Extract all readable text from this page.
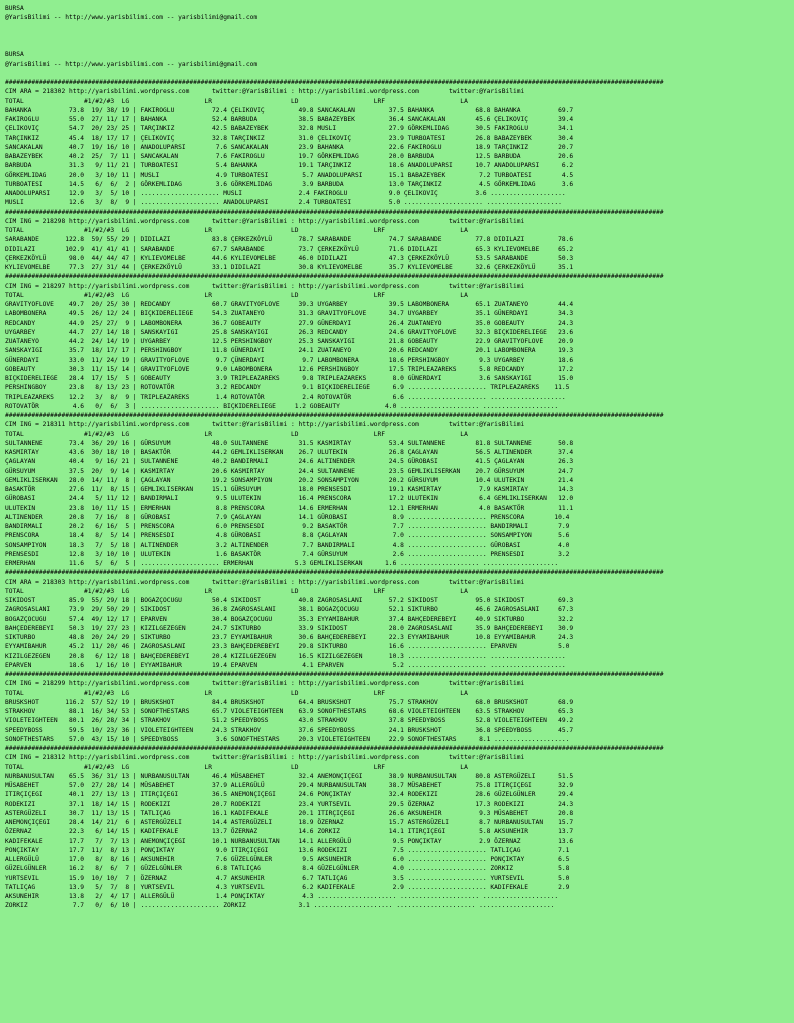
BURSA
@YarisBilimi -- http://www.yarisbilimi.com -- yarisbilimi@gmail.com
BURSA
@YarisBilimi -- http://www.yarisbilimi.com -- yarisbilimi@gmail.com
###############################################################################################################################################################################
CIM ARA = 218302 http://yarisbilimi.wordpress.com      twitter:@YarisBilimi : http://yarisbilimi.wordpress.com        twitter:@YarisBilimi
TOTAL                #1/#2/#3  LG                    LR                     LD                    LRF                    LA
BAHANKA          73.8  19/ 38/ 19 | FAKIROGLU          72.4 ÇELIKOVIÇ         49.8 SANCAKALAN         37.5 BAHANKA           68.8 BAHANKA          69.7
FAKIROGLU        55.0  27/ 11/ 17 | BAHANKA            52.4 BARBUDA           38.5 BABAZEYBEK         36.4 SANCAKALAN        45.6 ÇELIKOVIÇ        39.4
ÇELIKOVIÇ        54.7  20/ 23/ 25 | TARÇINKIZ          42.5 BABAZEYBEK        32.8 MUSLI              27.9 GÖRKEMLIDAG       30.5 FAKIROGLU        34.1
TARÇINKIZ        45.4  18/ 17/ 17 | ÇELIKOVIÇ          32.8 TARÇINKIZ         31.0 ÇELIKOVIÇ          23.9 TURBOATESI        26.8 BABAZEYBEK       30.4
SANCAKALAN       40.7  19/ 16/ 10 | ANADOLUPARSI        7.6 SANCAKALAN        23.9 BAHANKA            22.6 FAKIROGLU         18.9 TARÇINKIZ        20.7
BABAZEYBEK       40.2  25/  7/ 11 | SANCAKALAN          7.6 FAKIROGLU         19.7 GÖRKEMLIDAG        20.0 BARBUDA           12.5 BARBUDA          20.6
BARBUDA          31.3   9/ 11/ 21 | TURBOATESI          5.4 BAHANKA           19.1 TARÇINKIZ          18.6 ANADOLUPARSI      10.7 ANADOLUPARSI      6.2
GÖRKEMLIDAG      20.0   3/ 10/ 11 | MUSLI               4.9 TURBOATESI         5.7 ANADOLUPARSI       15.1 BABAZEYBEK         7.2 TURBOATESI        4.5
TURBOATESI       14.5   6/  6/  2 | GÖRKEMLIDAG         3.6 GÖRKEMLIDAG        3.9 BARBUDA            13.0 TARÇINKIZ          4.5 GÖRKEMLIDAG       3.6
ANADOLUPARSI     12.9   3/  5/ 10 | ..................... MUSLI               2.4 FAKIROGLU           9.0 ÇELIKOVIÇ          3.6 ....................
MUSLI            12.6   3/  8/  9 | ..................... ANADOLUPARSI        2.4 TURBOATESI          5.0 ..................... ....................
###############################################################################################################################################################################
CIM ING = 218298 http://yarisbilimi.wordpress.com      twitter:@YarisBilimi : http://yarisbilimi.wordpress.com        twitter:@YarisBilimi
TOTAL                #1/#2/#3  LG                    LR                     LD                    LRF                    LA
SARABANDE       122.8  59/ 55/ 29 | DIDILAZI           83.8 ÇERKEZKÖYLÜ       78.7 SARABANDE          74.7 SARABANDE         77.8 DIDILAZI         78.6
DIDILAZI        102.9  41/ 41/ 41 | SARABANDE          67.7 SARABANDE         73.7 ÇERKEZKÖYLÜ        71.6 DIDILAZI          65.3 KYLIEVOMELBE     65.2
ÇERKEZKÖYLÜ      98.0  44/ 44/ 47 | KYLIEVOMELBE       44.6 KYLIEVOMELBE      46.0 DIDILAZI           47.3 ÇERKEZKÖYLÜ       53.5 SARABANDE        50.3
KYLIEVOMELBE     77.3  27/ 31/ 44 | ÇERKEZKÖYLÜ        33.1 DIDILAZI          30.8 KYLIEVOMELBE       35.7 KYLIEVOMELBE      32.6 ÇERKEZKÖYLÜ      35.1
###############################################################################################################################################################################
CIM ING = 218297 http://yarisbilimi.wordpress.com      twitter:@YarisBilimi : http://yarisbilimi.wordpress.com        twitter:@YarisBilimi
TOTAL                #1/#2/#3  LG                    LR                     LD                    LRF                    LA
GRAVITYOFLOVE    49.7  20/ 25/ 30 | REDCANDY           60.7 GRAVITYOFLOVE     39.3 UYGARBEY           39.5 LABOMBONERA       65.1 ZUATANEYO        44.4
LABOMBONERA      49.5  26/ 12/ 24 | BIÇKIDERELIEGE     54.3 ZUATANEYO         31.3 GRAVITYOFLOVE      34.7 UYGARBEY          35.1 GÜNERDAYI        34.3
REDCANDY         44.9  25/ 27/  9 | LABOMBONERA        36.7 GOBEAUTY          27.9 GÜNERDAYI          26.4 ZUATANEYO         35.0 GOBEAUTY         24.3
UYGARBEY         44.7  27/ 14/ 18 | SANSKAYIGI         25.8 SANSKAYIGI        26.3 REDCANDY           24.6 GRAVITYOFLOVE     32.3 BIÇKIDERELIEGE   23.6
ZUATANEYO        44.2  24/ 14/ 19 | UYGARBEY           12.5 PERSHINGBOY       25.3 SANSKAYIGI         21.8 GOBEAUTY          22.9 GRAVITYOFLOVE    20.9
SANSKAYIGI       35.7  18/ 17/ 17 | PERSHINGBOY        11.8 GÜNERDAYI         24.1 ZUATANEYO          20.6 REDCANDY          20.1 LABOMBONERA      19.3
GÜNERDAYI        33.0  11/ 24/ 19 | GRAVITYOFLOVE       9.7 ÇÜNERDAYI          9.7 LABOMBONERA        18.6 PERSHINGBOY        9.3 UYGARBEY         18.6
GOBEAUTY         30.3  11/ 15/ 14 | GRAVITYOFLOVE       9.0 LABOMBONERA       12.6 PERSHINGBOY        17.5 TRIPLEAZAREKS      5.8 REDCANDY         17.2
BIÇKIDERELIEGE   28.4  17/ 15/  5 | GOBEAUTY            3.9 TRIPLEAZAREKS      9.8 TRIPLEAZAREKS       8.0 GÜNERDAYI          3.6 SANSKAYIGI       15.0
PERSHINGBOY      23.8   8/ 13/ 23 | ROTOVATÖR           3.2 REDCANDY           9.1 BIÇKIDERELIEGE      6.9 ..................... TRIPLEAZAREKS    11.5
TRIPLEAZAREKS    12.2   3/  8/  9 | TRIPLEAZAREKS       1.4 ROTOVATÖR          2.4 ROTOVATÖR           6.6 ..................... ....................
ROTOVATÖR         4.6   0/  6/  3 | ..................... BIÇKIDERELIEGE     1.2 GOBEAUTY            4.0 ..................... ....................
###############################################################################################################################################################################
CIM ING = 218311 http://yarisbilimi.wordpress.com      twitter:@YarisBilimi : http://yarisbilimi.wordpress.com        twitter:@YarisBilimi
TOTAL                #1/#2/#3  LG                    LR                     LD                    LRF                    LA
SULTANNENE       73.4  36/ 29/ 16 | GÜRSUYUM           48.0 SULTANNENE        31.5 KASMIRTAY          53.4 SULTANNENE        81.8 SULTANNENE       50.8
KASMIRTAY        43.6  30/ 18/ 10 | BASAKTÖR           44.2 GEMLIKLISERKAN    26.7 ULUTEKIN           26.8 ÇAGLAYAN          56.5 ALTINENDER       37.4
ÇAGLAYAN         40.4   9/ 16/ 21 | SULTANNENE         40.2 BANDIRMALI        24.6 ALTINENDER         24.5 GÜROBASI          41.5 ÇAGLAYAN         26.3
GÜRSUYUM         37.5  20/  9/ 14 | KASMIRTAY          20.6 KASMIRTAY         24.4 SULTANNENE         23.5 GEMLIKLISERKAN    20.7 GÜRSUYUM         24.7
GEMLIKLISERKAN   28.0  14/ 11/  8 | ÇAGLAYAN           19.2 SONSAMPIYON       20.2 SONSAMPIYON        20.2 GÜRSUYUM          10.4 ULUTEKIN         21.4
BASAKTÖR         27.6  11/  8/ 15 | GEMLIKLISERKAN     15.1 GÜRSUYUM          18.0 PRENSESDI          19.1 KASMIRTAY          7.9 KASMIRTAY        14.3
GÜROBASI         24.4   5/ 11/ 12 | BANDIRMALI          9.5 ULUTEKIN          16.4 PRENSCORA          17.2 ULUTEKIN           6.4 GEMLIKLISERKAN   12.0
ULUTEKIN         23.8  10/ 11/ 15 | ERMERHAN            8.8 PRENSCORA         14.6 ERMERHAN           12.1 ERMERHAN           4.0 BASAKTÖR         11.1
ALTINENDER       20.8   7/ 16/  8 | GÜROBASI            7.9 ÇAGLAYAN          14.1 GÜROBASI            8.9 ..................... PRENSCORA        10.4
BANDIRMALI       20.2   6/ 16/  5 | PRENSCORA           6.0 PRENSESDI          9.2 BASAKTÖR            7.7 ..................... BANDIRMALI        7.9
PRENSCORA        18.4   8/  5/ 14 | PRENSESDI           4.8 GÜROBASI           8.8 ÇAGLAYAN            7.0 ..................... SONSAMPIYON       5.6
SONSAMPIYON      18.3   7/  5/ 18 | ALTINENDER          3.2 ALTINENDER         7.7 BANDIRMALI          4.8 ..................... GÜROBASI          4.0
PRENSESDI        12.8   3/ 10/ 10 | ULUTEKIN            1.6 BASAKTÖR           7.4 GÜRSUYUM            2.6 ..................... PRENSESDI         3.2
ERMERHAN         11.6   5/  6/  5 | ..................... ERMERHAN           5.3 GEMLIKLISERKAN      1.6 ..................... ....................
###############################################################################################################################################################################
CIM ARA = 218303 http://yarisbilimi.wordpress.com      twitter:@YarisBilimi : http://yarisbilimi.wordpress.com        twitter:@YarisBilimi
TOTAL                #1/#2/#3  LG                    LR                     LD                    LRF                    LA
SIKIDOST         85.9  55/ 29/ 18 | BOGAZÇOCUGU        50.4 SIKIDOST          40.8 ZAGROSASLANI       57.2 SIKIDOST          95.0 SIKIDOST         69.3
ZAGROSASLANI     73.9  29/ 50/ 29 | SIKIDOST           36.8 ZAGROSASLANI      38.1 BOGAZÇOCUGU        52.1 SIKTURBO          46.6 ZAGROSASLANI     67.3
BOGAZÇOCUGU      57.4  49/ 12/ 17 | EPARVEN            30.4 BOGAZÇOCUGU       35.3 EYYAMIBAHUR        37.4 BAHÇEDEREBEYI     40.9 SIKTURBO         32.2
BAHÇEDEREBEYI    50.3  19/ 27/ 23 | KIZILGEZEGEN       24.7 SIKTURBO          33.9 SIKIDOST           28.0 ZAGROSASLANI      35.9 BAHÇEDEREBEYI    30.9
SIKTURBO         48.8  20/ 24/ 29 | SIKTURBO           23.7 EYYAMIBAHUR       30.6 BAHÇEDEREBEYI      22.3 EYYAMIBAHUR       10.8 EYYAMIBAHUR      24.3
EYYAMIBAHUR      45.2  11/ 20/ 46 | ZAGROSASLANI       23.3 BAHÇEDEREBEYI     29.8 SIKTURBO           16.6 ..................... EPARVEN           5.0
KIZILGEZEGEN     20.8   6/ 12/ 18 | BAHÇEDEREBEYI      20.4 KIZILGEZEGEN      16.5 KIZILGEZEGEN       10.3 ..................... ....................
EPARVEN          18.6   1/ 16/ 10 | EYYAMIBAHUR        19.4 EPARVEN            4.1 EPARVEN             5.2 ..................... ....................
###############################################################################################################################################################################
CIM ING = 218299 http://yarisbilimi.wordpress.com      twitter:@YarisBilimi : http://yarisbilimi.wordpress.com        twitter:@YarisBilimi
TOTAL                #1/#2/#3  LG                    LR                     LD                    LRF                    LA
BRUSKSHOT       116.2  57/ 52/ 19 | BRUSKSHOT          84.4 BRUSKSHOT         64.4 BRUSKSHOT          75.7 STRAKHOV          68.0 BRUSKSHOT        68.9
STRAKHOV         88.1  16/ 34/ 53 | SONOFTHESTARS      65.7 VIOLETEIGHTEEN    63.9 SONOFTHESTARS      68.6 VIOLETEIGHTEEN    63.5 STRAKHOV         65.3
VIOLETEIGHTEEN   80.1  26/ 28/ 34 | STRAKHOV           51.2 SPEEDYBOSS        43.0 STRAKHOV           37.8 SPEEDYBOSS        52.8 VIOLETEIGHTEEN   49.2
SPEEDYBOSS       59.5  10/ 23/ 36 | VIOLETEIGHTEEN     24.3 STRAKHOV          37.6 SPEEDYBOSS         24.1 BRUSKSHOT         36.8 SPEEDYBOSS       45.7
SONOFTHESTARS    57.0  43/ 15/ 10 | SPEEDYBOSS          3.6 SONOFTHESTARS     20.3 VIOLETEIGHTEEN     22.9 SONOFTHESTARS      8.1 ....................
###############################################################################################################################################################################
CIM ING = 218312 http://yarisbilimi.wordpress.com      twitter:@YarisBilimi : http://yarisbilimi.wordpress.com        twitter:@YarisBilimi
TOTAL                #1/#2/#3  LG                    LR                     LD                    LRF                    LA
NURBANUSULTAN    65.5  36/ 31/ 13 | NURBANUSULTAN      46.4 MÜSABEHET         32.4 ANEMONÇIÇEGI       38.9 NURBANUSULTAN     80.8 ASTERGÜZELI      51.5
MÜSABEHET        57.0  27/ 28/ 14 | MÜSABEHET          37.9 ALLERGÜLÜ         29.4 NURBANUSULTAN      38.7 MÜSABEHET         75.8 ITIRÇIÇEGI       32.9
ITIRÇIÇEGI       40.1  27/ 13/ 13 | ITIRÇIÇEGI         36.5 ANEMONÇIÇEGI      24.6 PONÇIKTAY          32.4 RODEKIZI          28.6 GÜZELGÜNLER      29.4
RODEKIZI         37.1  18/ 14/ 15 | RODEKIZI           20.7 RODEKIZI          23.4 YURTSEVIL          29.5 ÖZERNAZ           17.3 RODEKIZI         24.3
ASTERGÜZELI      30.7  11/ 13/ 15 | TATLIÇAG           16.1 KADIFEKALE        20.1 ITIRÇIÇEGI         26.6 AKSUNEHIR          9.3 MÜSABEHET        20.8
ANEMONÇIÇEGI     28.4  14/ 21/  6 | ASTERGÜZELI        14.4 ASTERGÜZELI       18.9 ÖZERNAZ            15.7 ASTERGÜZELI        8.7 NURBANUSULTAN    15.7
ÖZERNAZ          22.3   6/ 14/ 15 | KADIFEKALE         13.7 ÖZERNAZ           14.6 ZORKIZ             14.1 ITIRÇIÇEGI         5.8 AKSUNEHIR        13.7
KADIFEKALE       17.7   7/  7/ 13 | ANEMONÇIÇEGI       10.1 NURBANUSULTAN     14.1 ALLERGÜLÜ           9.5 PONÇIKTAY          2.9 ÖZERNAZ          13.6
PONÇIKTAY        17.7  11/  8/ 13 | PONÇIKTAY           9.0 ITIRÇIÇEGI        13.6 RODEKIZI            7.5 ..................... TATLIÇAG          7.1
ALLERGÜLÜ        17.0   8/  8/ 16 | AKSUNEHIR           7.6 GÜZELGÜNLER        9.5 AKSUNEHIR           6.0 ..................... PONÇIKTAY         6.5
GÜZELGÜNLER      16.2   8/  6/  7 | GÜZELGÜNLER         6.8 TATLIÇAG           8.4 GÜZELGÜNLER         4.0 ..................... ZORKIZ            5.8
YURTSEVIL        15.9  10/ 10/  7 | ÖZERNAZ             4.7 AKSUNEHIR          6.7 TATLIÇAG            3.5 ..................... YURTSEVIL         5.0
TATLIÇAG         13.9   5/  7/  8 | YURTSEVIL           4.3 YURTSEVIL          6.2 KADIFEKALE          2.9 ..................... KADIFEKALE        2.9
AKSUNEHIR        13.8   2/  4/ 17 | ALLERGÜLÜ           1.4 PONÇIKTAY          4.3 ..................... ..................... ....................
ZORKIZ            7.7   0/  6/ 10 | ..................... ZORKIZ              3.1 ..................... ..................... ....................
